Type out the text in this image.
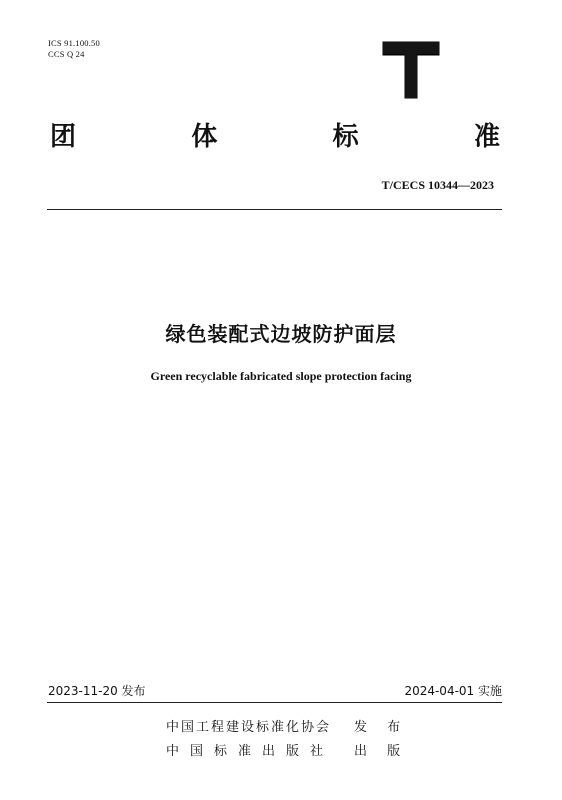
ICS 91.100.50
CCS Q 24
团	体	标	准
T/CECS 10344—2023
绿色装配式边坡防护面层
Green recyclable fabricated slope protection facing
2023-11-20 发布	2024-04-01 实施
中国工程建设标准化协会 发 布
中国标准出版社 出 版
